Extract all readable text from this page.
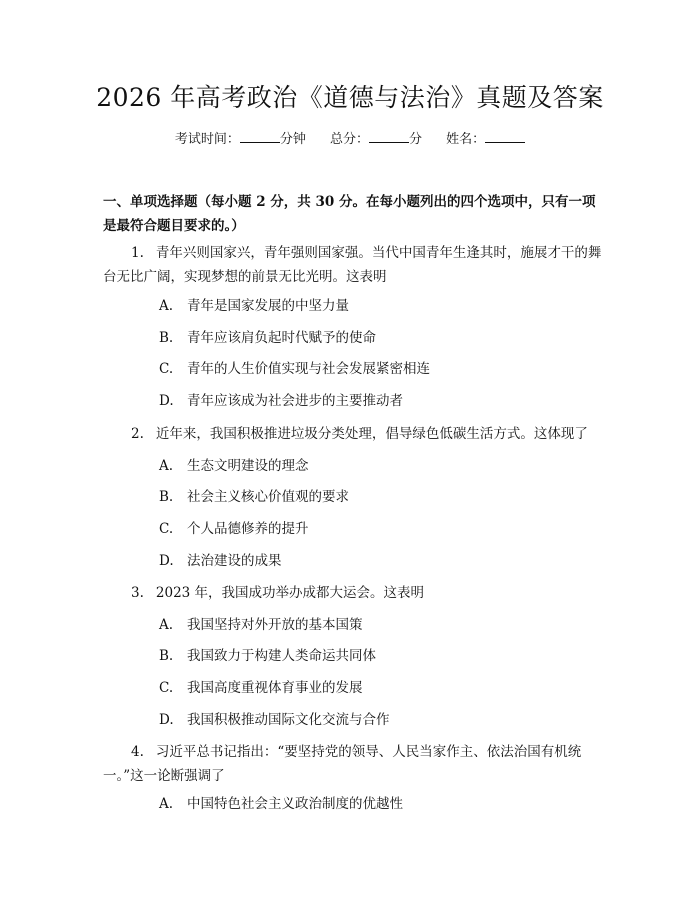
2026 年高考政治《道德与法治》真题及答案
考试时间：	分钟 总分：	分 姓名：
一、单项选择题（每小题 2 分，共 30 分。在每小题列出的四个选项中，只有一项是最符合题目要求的。）
1. 青年兴则国家兴，青年强则国家强。当代中国青年生逢其时，施展才干的舞台无比广阔，实现梦想的前景无比光明。这表明
A. 青年是国家发展的中坚力量
B. 青年应该肩负起时代赋予的使命
C. 青年的人生价值实现与社会发展紧密相连
D. 青年应该成为社会进步的主要推动者
2. 近年来，我国积极推进垃圾分类处理，倡导绿色低碳生活方式。这体现了
A. 生态文明建设的理念
B. 社会主义核心价值观的要求
C. 个人品德修养的提升
D. 法治建设的成果
3. 2023 年，我国成功举办成都大运会。这表明
A. 我国坚持对外开放的基本国策
B. 我国致力于构建人类命运共同体
C. 我国高度重视体育事业的发展
D. 我国积极推动国际文化交流与合作
4. 习近平总书记指出：“要坚持党的领导、人民当家作主、依法治国有机统一。”这一论断强调了
A. 中国特色社会主义政治制度的优越性
